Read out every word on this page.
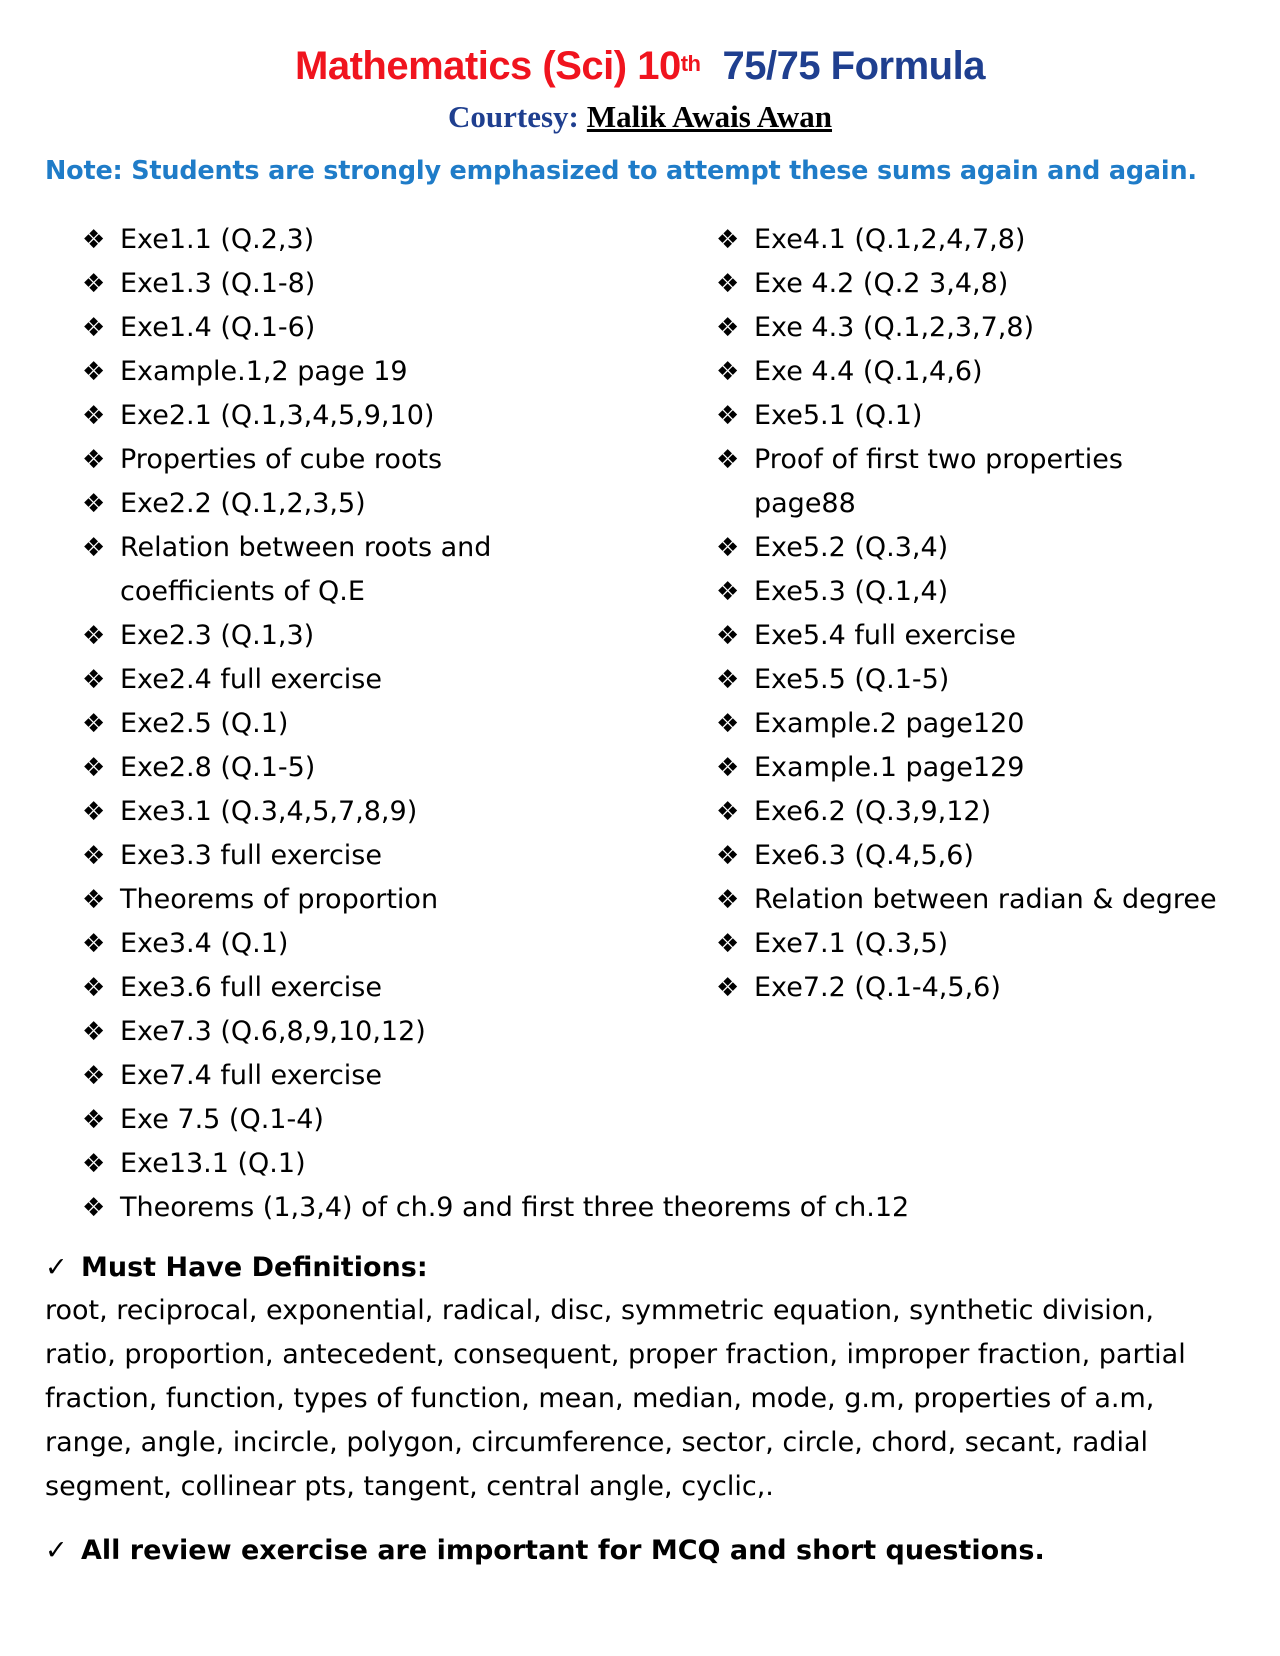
Mathematics (Sci) 10th 75/75 Formula
Courtesy: Malik Awais Awan
Note: Students are strongly emphasized to attempt these sums again and again.
❖ Exe1.1 (Q.2,3)
❖ Exe1.3 (Q.1-8)
❖ Exe1.4 (Q.1-6)
❖ Example.1,2 page 19
❖ Exe2.1 (Q.1,3,4,5,9,10)
❖ Properties of cube roots
❖ Exe2.2 (Q.1,2,3,5)
❖ Relation between roots and
coefficients of Q.E
❖ Exe2.3 (Q.1,3)
❖ Exe2.4 full exercise
❖ Exe2.5 (Q.1)
❖ Exe2.8 (Q.1-5)
❖ Exe3.1 (Q.3,4,5,7,8,9)
❖ Exe3.3 full exercise
❖ Theorems of proportion
❖ Exe3.4 (Q.1)
❖ Exe3.6 full exercise
❖ Exe7.3 (Q.6,8,9,10,12)
❖ Exe7.4 full exercise
❖ Exe 7.5 (Q.1-4)
❖ Exe13.1 (Q.1)
❖ Theorems (1,3,4) of ch.9 and first three theorems of ch.12
❖ Exe4.1 (Q.1,2,4,7,8)
❖ Exe 4.2 (Q.2 3,4,8)
❖ Exe 4.3 (Q.1,2,3,7,8)
❖ Exe 4.4 (Q.1,4,6)
❖ Exe5.1 (Q.1)
❖ Proof of first two properties
page88
❖ Exe5.2 (Q.3,4)
❖ Exe5.3 (Q.1,4)
❖ Exe5.4 full exercise
❖ Exe5.5 (Q.1-5)
❖ Example.2 page120
❖ Example.1 page129
❖ Exe6.2 (Q.3,9,12)
❖ Exe6.3 (Q.4,5,6)
❖ Relation between radian & degree
❖ Exe7.1 (Q.3,5)
❖ Exe7.2 (Q.1-4,5,6)
✓ Must Have Definitions:
root, reciprocal, exponential, radical, disc, symmetric equation, synthetic division,
ratio, proportion, antecedent, consequent, proper fraction, improper fraction, partial
fraction, function, types of function, mean, median, mode, g.m, properties of a.m,
range, angle, incircle, polygon, circumference, sector, circle, chord, secant, radial
segment, collinear pts, tangent, central angle, cyclic,.
✓ All review exercise are important for MCQ and short questions.
